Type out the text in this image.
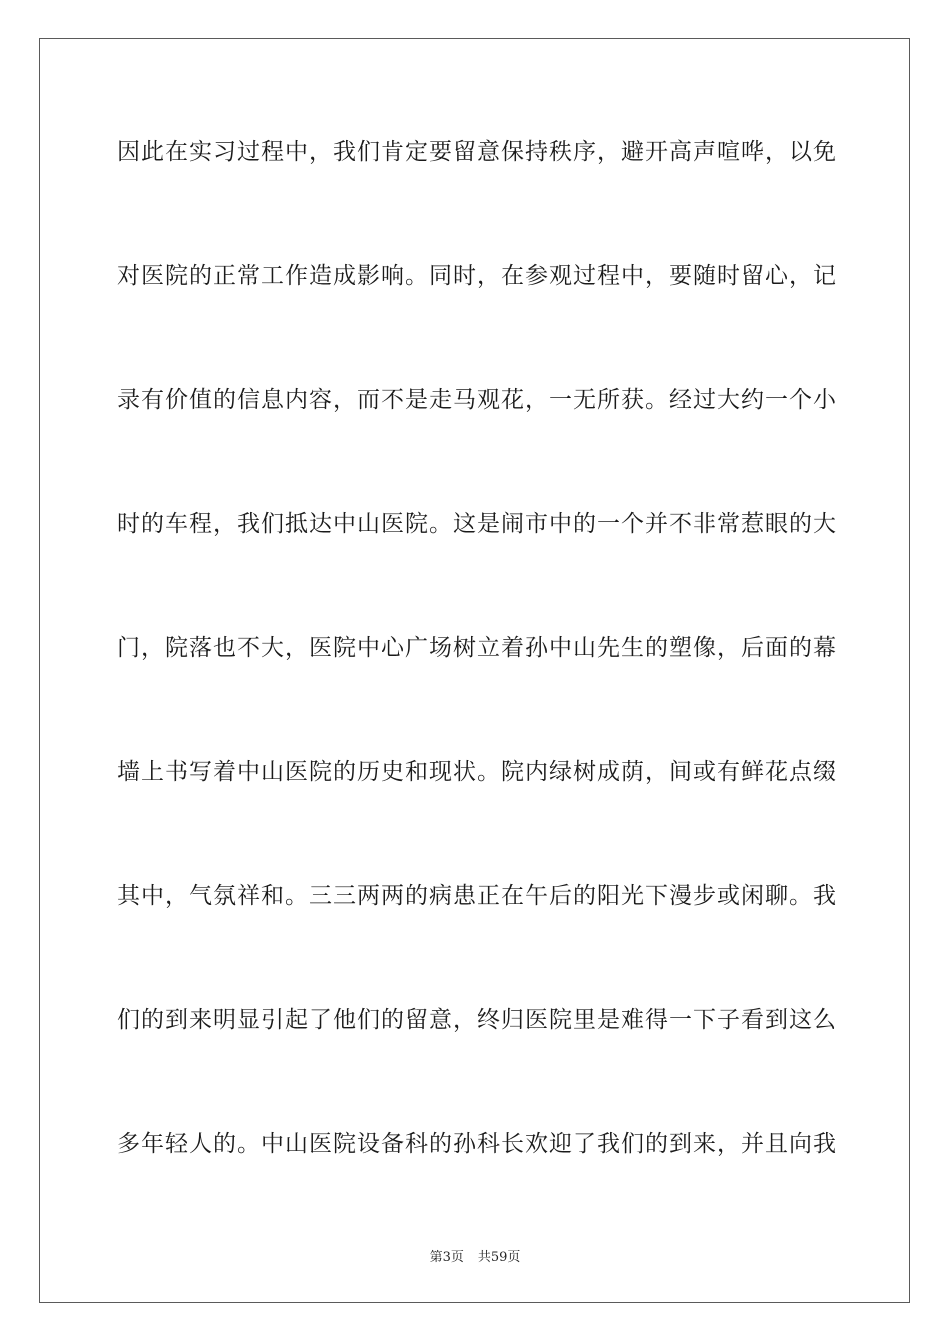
因此在实习过程中，我们肯定要留意保持秩序，避开高声喧哗，以免
对医院的正常工作造成影响。同时，在参观过程中，要随时留心，记
录有价值的信息内容，而不是走马观花，一无所获。经过大约一个小
时的车程，我们抵达中山医院。这是闹市中的一个并不非常惹眼的大
门，院落也不大，医院中心广场树立着孙中山先生的塑像，后面的幕
墙上书写着中山医院的历史和现状。院内绿树成荫，间或有鲜花点缀
其中，气氛祥和。三三两两的病患正在午后的阳光下漫步或闲聊。我
们的到来明显引起了他们的留意，终归医院里是难得一下子看到这么
多年轻人的。中山医院设备科的孙科长欢迎了我们的到来，并且向我
第3页 共59页
